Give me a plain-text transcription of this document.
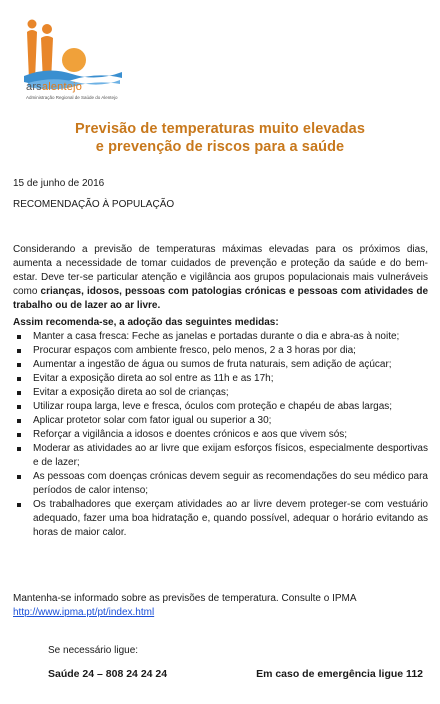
arsalentejo
Administração Regional de Saúde do Alentejo
Previsão de temperaturas muito elevadas
e prevenção de riscos para a saúde
15 de junho de 2016
RECOMENDAÇÃO À POPULAÇÃO
Considerando a previsão de temperaturas máximas elevadas para os próximos dias, aumenta a necessidade de tomar cuidados de prevenção e proteção da saúde e do bem-estar. Deve ter-se particular atenção e vigilância aos grupos populacionais mais vulneráveis como crianças, idosos, pessoas com patologias crónicas e pessoas com atividades de trabalho ou de lazer ao ar livre.
Assim recomenda-se, a adoção das seguintes medidas:
Manter a casa fresca: Feche as janelas e portadas durante o dia e abra-as à noite;
Procurar espaços com ambiente fresco, pelo menos, 2 a 3 horas por dia;
Aumentar a ingestão de água ou sumos de fruta naturais, sem adição de açúcar;
Evitar a exposição direta ao sol entre as 11h e as 17h;
Evitar a exposição direta ao sol de crianças;
Utilizar roupa larga, leve e fresca, óculos com proteção e chapéu de abas largas;
Aplicar protetor solar com fator igual ou superior a 30;
Reforçar a vigilância a idosos e doentes crónicos e aos que vivem sós;
Moderar as atividades ao ar livre que exijam esforços físicos, especialmente desportivas e de lazer;
As pessoas com doenças crónicas devem seguir as recomendações do seu médico para períodos de calor intenso;
Os trabalhadores que exerçam atividades ao ar livre devem proteger-se com vestuário adequado, fazer uma boa hidratação e, quando possível, adequar o horário evitando as horas de maior calor.
Mantenha-se informado sobre as previsões de temperatura. Consulte o IPMA
http://www.ipma.pt/pt/index.html
Se necessário ligue:
Saúde 24 – 808 24 24 24	Em caso de emergência ligue 112
